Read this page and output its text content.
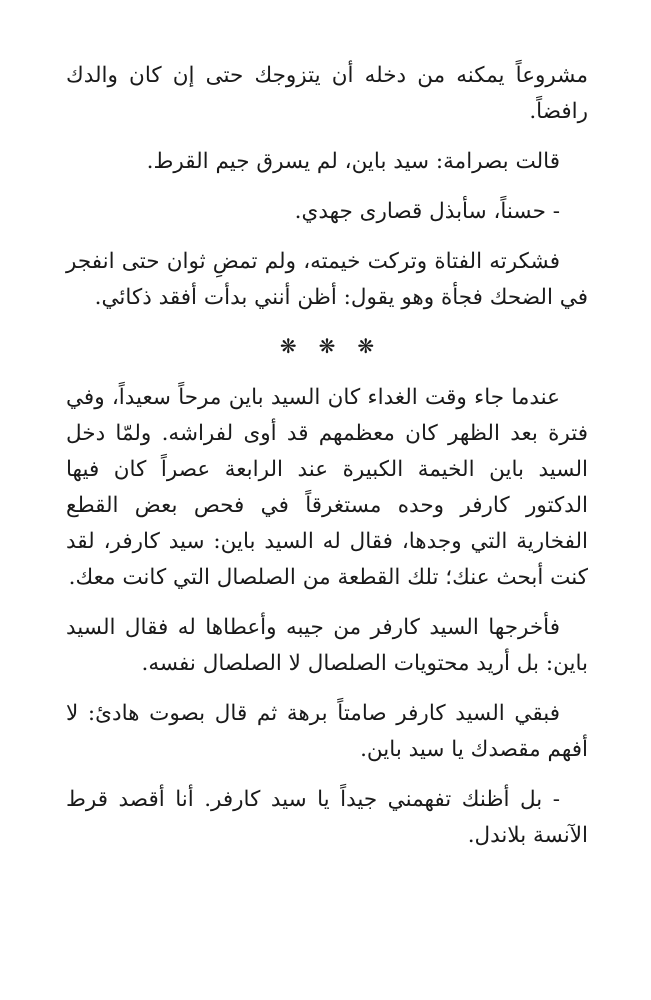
مشروعاً يمكنه من دخله أن يتزوجك حتى إن كان والدك رافضاً.

قالت بصرامة: سيد باين، لم يسرق جيم القرط.

- حسناً، سأبذل قصارى جهدي.

فشكرته الفتاة وتركت خيمته، ولم تمضِ ثوان حتى انفجر في الضحك فجأة وهو يقول: أظن أنني بدأت أفقد ذكائي.

❋ ❋ ❋

عندما جاء وقت الغداء كان السيد باين مرحاً سعيداً، وفي فترة بعد الظهر كان معظمهم قد أوى لفراشه. ولمّا دخل السيد باين الخيمة الكبيرة عند الرابعة عصراً كان فيها الدكتور كارفر وحده مستغرقاً في فحص بعض القطع الفخارية التي وجدها، فقال له السيد باين: سيد كارفر، لقد كنت أبحث عنك؛ تلك القطعة من الصلصال التي كانت معك.

فأخرجها السيد كارفر من جيبه وأعطاها له فقال السيد باين: بل أريد محتويات الصلصال لا الصلصال نفسه.

فبقي السيد كارفر صامتاً برهة ثم قال بصوت هادئ: لا أفهم مقصدك يا سيد باين.

- بل أظنك تفهمني جيداً يا سيد كارفر. أنا أقصد قرط الآنسة بلاندل.
